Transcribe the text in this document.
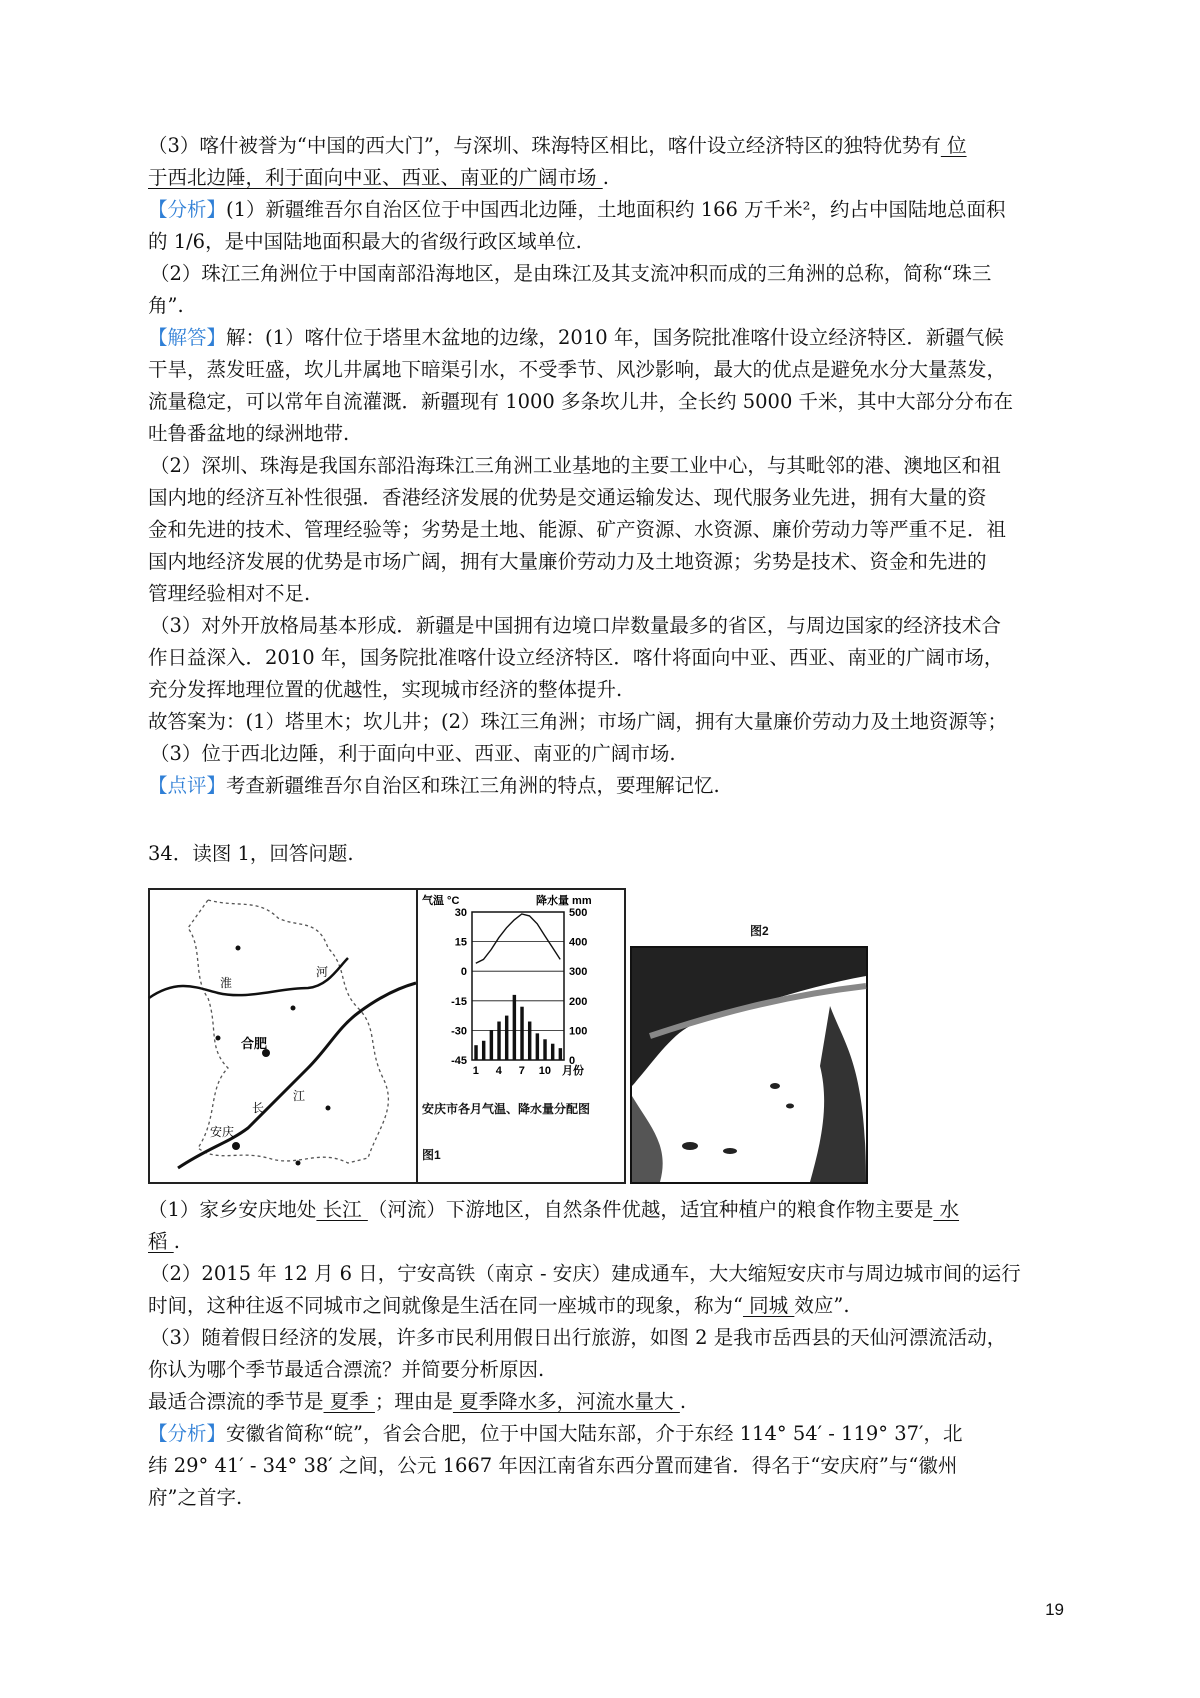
（3）喀什被誉为“中国的西大门”，与深圳、珠海特区相比，喀什设立经济特区的独特优势有 位
于西北边陲，利于面向中亚、西亚、南亚的广阔市场 .
【分析】(1）新疆维吾尔自治区位于中国西北边陲，土地面积约 166 万千米²，约占中国陆地总面积
的 1/6，是中国陆地面积最大的省级行政区域单位.
（2）珠江三角洲位于中国南部沿海地区，是由珠江及其支流冲积而成的三角洲的总称，简称“珠三
角”.
【解答】解：(1）喀什位于塔里木盆地的边缘，2010 年，国务院批准喀什设立经济特区．新疆气候
干旱，蒸发旺盛，坎儿井属地下暗渠引水，不受季节、风沙影响，最大的优点是避免水分大量蒸发，
流量稳定，可以常年自流灌溉．新疆现有 1000 多条坎儿井，全长约 5000 千米，其中大部分分布在
吐鲁番盆地的绿洲地带.
（2）深圳、珠海是我国东部沿海珠江三角洲工业基地的主要工业中心，与其毗邻的港、澳地区和祖
国内地的经济互补性很强．香港经济发展的优势是交通运输发达、现代服务业先进，拥有大量的资
金和先进的技术、管理经验等；劣势是土地、能源、矿产资源、水资源、廉价劳动力等严重不足．祖
国内地经济发展的优势是市场广阔，拥有大量廉价劳动力及土地资源；劣势是技术、资金和先进的
管理经验相对不足.
（3）对外开放格局基本形成．新疆是中国拥有边境口岸数量最多的省区，与周边国家的经济技术合
作日益深入．2010 年，国务院批准喀什设立经济特区．喀什将面向中亚、西亚、南亚的广阔市场，
充分发挥地理位置的优越性，实现城市经济的整体提升.
故答案为：(1）塔里木；坎儿井；(2）珠江三角洲；市场广阔，拥有大量廉价劳动力及土地资源等；
（3）位于西北边陲，利于面向中亚、西亚、南亚的广阔市场.
【点评】考查新疆维吾尔自治区和珠江三角洲的特点，要理解记忆.
34．读图 1，回答问题.
淮
河
合肥
江
长
安庆
气温 °C	降水量 mm
30
15
0
-15
-30
-45
500
400
300
200
100
0
1 4 7 10 月份
安庆市各月气温、降水量分配图
图1
图2
（1）家乡安庆地处 长江 （河流）下游地区，自然条件优越，适宜种植户的粮食作物主要是 水
稻 .
（2）2015 年 12 月 6 日，宁安高铁（南京 - 安庆）建成通车，大大缩短安庆市与周边城市间的运行
时间，这种往返不同城市之间就像是生活在同一座城市的现象，称为“ 同城 效应”.
（3）随着假日经济的发展，许多市民利用假日出行旅游，如图 2 是我市岳西县的天仙河漂流活动，
你认为哪个季节最适合漂流？并简要分析原因.
最适合漂流的季节是 夏季 ；理由是 夏季降水多，河流水量大 .
【分析】安徽省简称“皖”，省会合肥，位于中国大陆东部，介于东经 114° 54′ - 119° 37′，北
纬 29° 41′ - 34° 38′ 之间，公元 1667 年因江南省东西分置而建省．得名于“安庆府”与“徽州
府”之首字.
19
